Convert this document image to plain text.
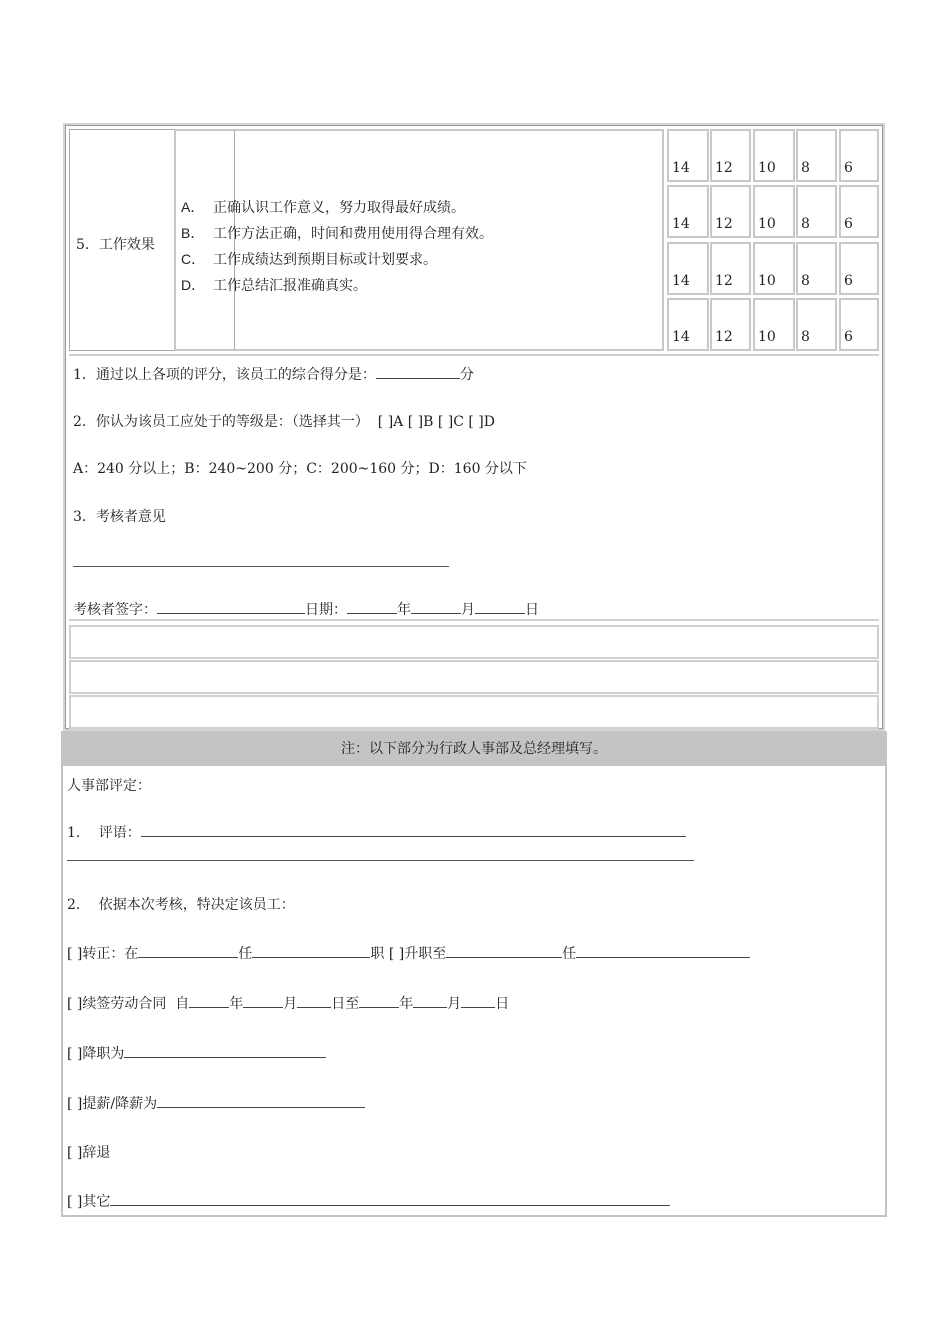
5．工作效果
A． 正确认识工作意义，努力取得最好成绩。
B． 工作方法正确，时间和费用使用得合理有效。
C． 工作成绩达到预期目标或计划要求。
D． 工作总结汇报准确真实。
14 12 10 8 6
14 12 10 8 6
14 12 10 8 6
14 12 10 8 6
1．通过以上各项的评分，该员工的综合得分是：	分
2．你认为该员工应处于的等级是：（选择其一）  [ ]A [ ]B [ ]C [ ]D
A：240 分以上；B：240~200 分；C：200~160 分；D：160 分以下
3．考核者意见
考核者签字：	日期：	年	月	日
注：以下部分为行政人事部及总经理填写。
人事部评定：
1．  评语：
2．  依据本次考核，特决定该员工：
[ ]转正：在	任	职 [ ]升职至	任
[ ]续签劳动合同  自	年	月 日至	年 月 日
[ ]降职为
[ ]提薪/降薪为
[ ]辞退
[ ]其它
